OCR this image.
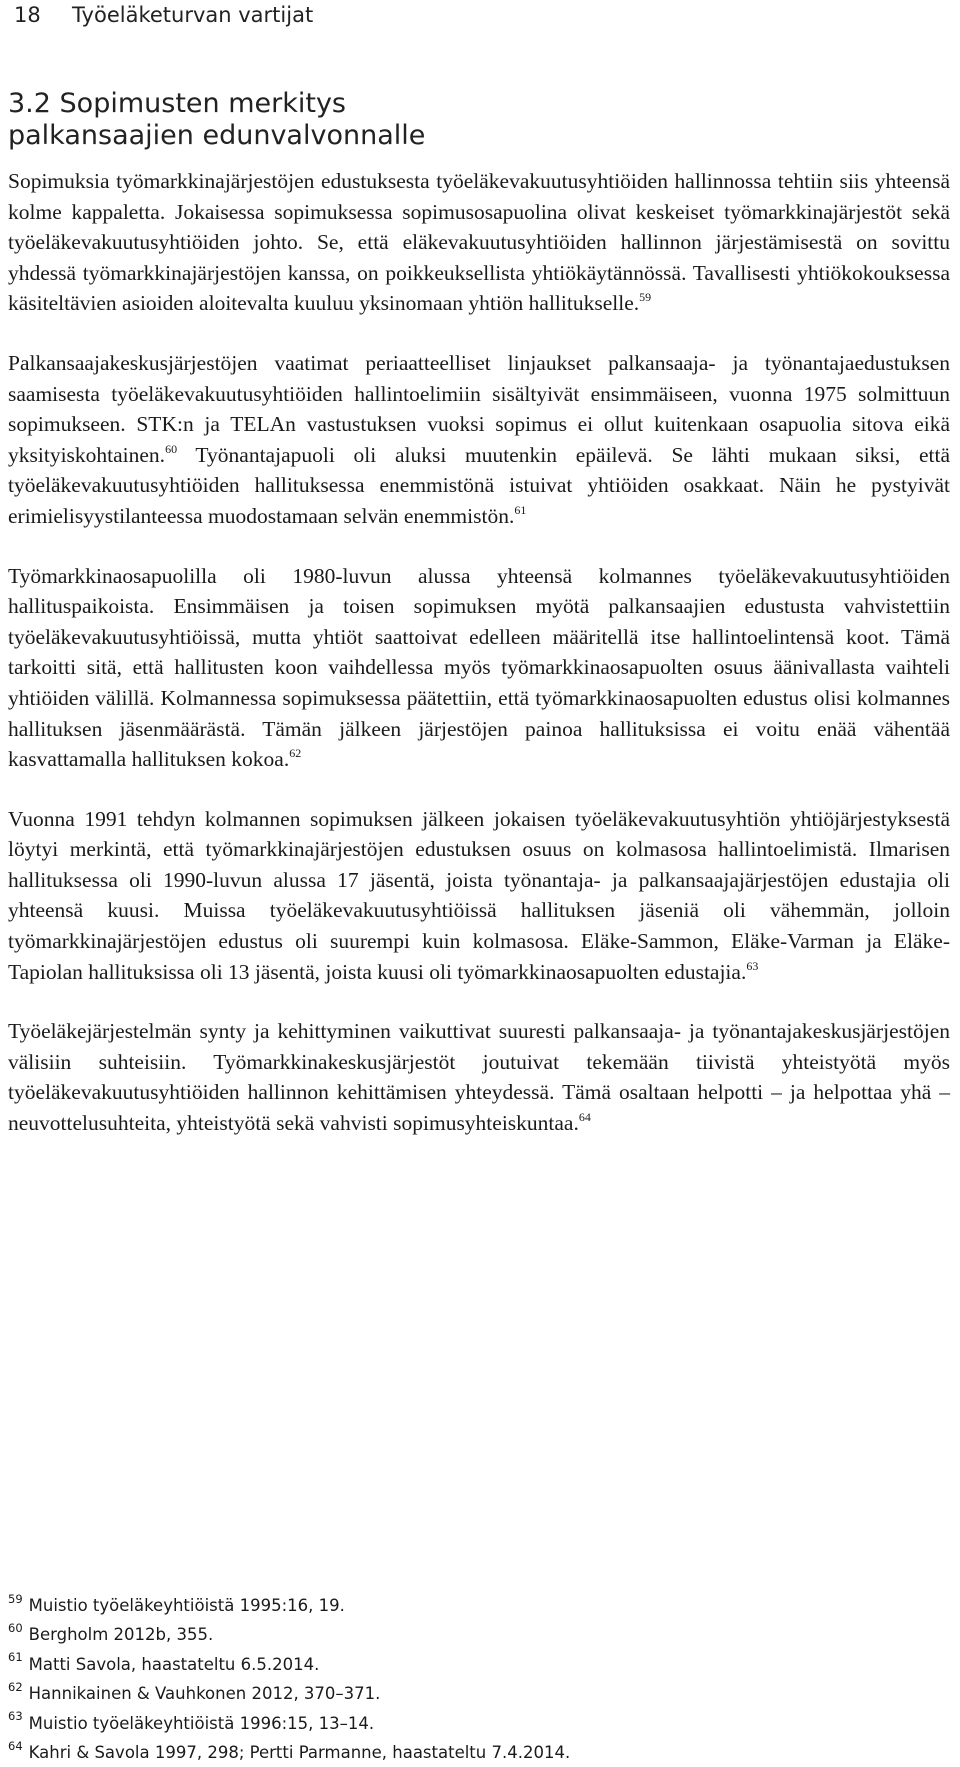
18 Työeläketurvan vartijat
3.2 Sopimusten merkitys
palkansaajien edunvalvonnalle

Sopimuksia työmarkkinajärjestöjen edustuksesta työeläkevakuutusyhtiöiden hallinnossa tehtiin siis yhteensä kolme kappaletta. Jokaisessa sopimuksessa sopimusosapuolina olivat keskeiset työmarkkinajärjestöt sekä työeläkevakuutusyhtiöiden johto. Se, että eläkevakuutusyhtiöiden hallinnon järjestämisestä on sovittu yhdessä työmarkkinajärjestöjen kanssa, on poikkeuksellista yhtiökäytännössä. Tavallisesti yhtiökokouksessa käsiteltävien asioiden aloitevalta kuuluu yksinomaan yhtiön hallitukselle.$^{59}$

Palkansaajakeskusjärjestöjen vaatimat periaatteelliset linjaukset palkansaaja- ja työnantajaedustuksen saamisesta työeläkevakuutusyhtiöiden hallintoelimiin sisältyivät ensimmäiseen, vuonna 1975 solmittuun sopimukseen. STK:n ja TELAn vastustuksen vuoksi sopimus ei ollut kuitenkaan osapuolia sitova eikä yksityiskohtainen.$^{60}$ Työnantajapuoli oli aluksi muutenkin epäilevä. Se lähti mukaan siksi, että työeläkevakuutusyhtiöiden hallituksessa enemmistönä istuivat yhtiöiden osakkaat. Näin he pystyivät erimielisyystilanteessa muodostamaan selvän enemmistön.$^{61}$

Työmarkkinaosapuolilla oli 1980-luvun alussa yhteensä kolmannes työeläkevakuutusyhtiöiden hallituspaikoista. Ensimmäisen ja toisen sopimuksen myötä palkansaajien edustusta vahvistettiin työeläkevakuutusyhtiöissä, mutta yhtiöt saattoivat edelleen määritellä itse hallintoelintensä koot. Tämä tarkoitti sitä, että hallitusten koon vaihdellessa myös työmarkkinaosapuolten osuus äänivallasta vaihteli yhtiöiden välillä. Kolmannessa sopimuksessa päätettiin, että työmarkkinaosapuolten edustus olisi kolmannes hallituksen jäsenmäärästä. Tämän jälkeen järjestöjen painoa hallituksissa ei voitu enää vähentää kasvattamalla hallituksen kokoa.$^{62}$

Vuonna 1991 tehdyn kolmannen sopimuksen jälkeen jokaisen työeläkevakuutusyhtiön yhtiöjärjestyksestä löytyi merkintä, että työmarkkinajärjestöjen edustuksen osuus on kolmasosa hallintoelimistä. Ilmarisen hallituksessa oli 1990-luvun alussa 17 jäsentä, joista työnantaja- ja palkansaajajärjestöjen edustajia oli yhteensä kuusi. Muissa työeläkevakuutusyhtiöissä hallituksen jäseniä oli vähemmän, jolloin työmarkkinajärjestöjen edustus oli suurempi kuin kolmasosa. Eläke-Sammon, Eläke-Varman ja Eläke-Tapiolan hallituksissa oli 13 jäsentä, joista kuusi oli työmarkkinaosapuolten edustajia.$^{63}$

Työeläkejärjestelmän synty ja kehittyminen vaikuttivat suuresti palkansaaja- ja työnantajakeskusjärjestöjen välisiin suhteisiin. Työmarkkinakeskusjärjestöt joutuivat tekemään tiivistä yhteistyötä myös työeläkevakuutusyhtiöiden hallinnon kehittämisen yhteydessä. Tämä osaltaan helpotti – ja helpottaa yhä – neuvottelusuhteita, yhteistyötä sekä vahvisti sopimusyhteiskuntaa.$^{64}$

$^{59}$ Muistio työeläkeyhtiöistä 1995:16, 19.
$^{60}$ Bergholm 2012b, 355.
$^{61}$ Matti Savola, haastateltu 6.5.2014.
$^{62}$ Hannikainen & Vauhkonen 2012, 370–371.
$^{63}$ Muistio työeläkeyhtiöistä 1996:15, 13–14.
$^{64}$ Kahri & Savola 1997, 298; Pertti Parmanne, haastateltu 7.4.2014.
